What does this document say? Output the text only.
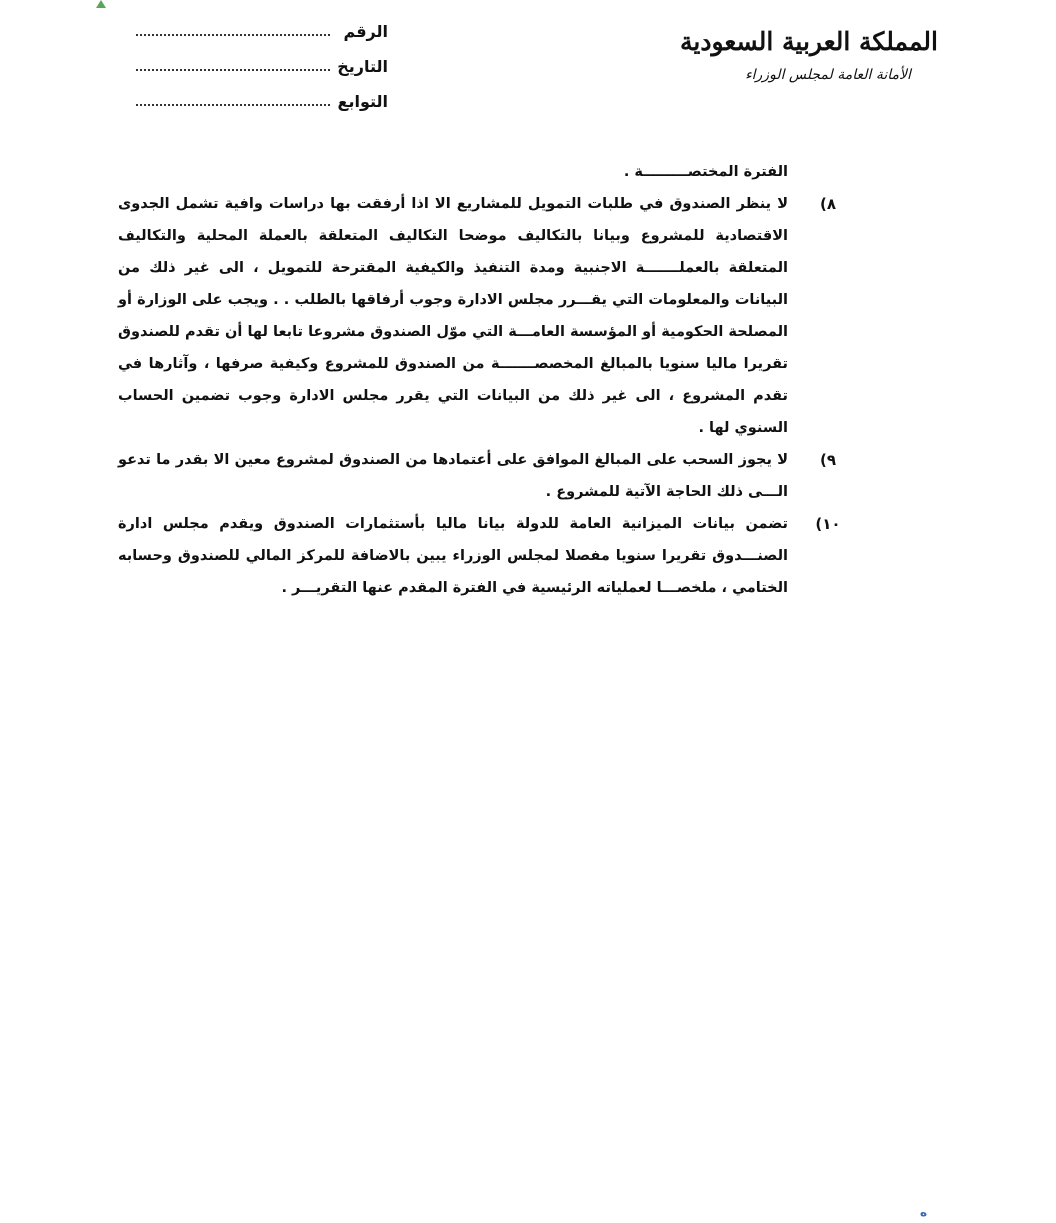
المملكة العربية السعودية
الأمانة العامة لمجلس الوزراء
الرقم
التاريخ
التوابع
الفترة المختصـــــــــة .
٨)
لا ينظر الصندوق في طلبات التمويل للمشاريع الا اذا أرفقت بها دراسات وافية تشمل الجدوى الاقتصادية للمشروع وبيانا بالتكاليف موضحا التكاليف المتعلقة بالعملة المحلية والتكاليف المتعلقة بالعملـــــــة الاجنبية ومدة التنفيذ والكيفية المقترحة للتمويل ، الى غير ذلك من البيانات والمعلومات التي يقـــرر مجلس الادارة وجوب أرفاقها بالطلب . . ويجب على الوزارة أو المصلحة الحكومية أو المؤسسة العامـــة التي موّل الصندوق مشروعا تابعا لها أن تقدم للصندوق تقريرا ماليا سنويا بالمبالغ المخصصـــــــة من الصندوق للمشروع وكيفية صرفها ، وآثارها في تقدم المشروع ، الى غير ذلك من البيانات التي يقرر مجلس الادارة وجوب تضمين الحساب السنوي لها .
٩)
لا يجوز السحب على المبالغ الموافق على أعتمادها من الصندوق لمشروع معين الا بقدر ما تدعو الـــى ذلك الحاجة الآتية للمشروع .
١٠)
تضمن بيانات الميزانية العامة للدولة بيانا ماليا بأستثمارات الصندوق ويقدم مجلس ادارة الصنـــدوق تقريرا سنويا مفصلا لمجلس الوزراء يبين بالاضافة للمركز المالي للصندوق وحسابه الختامي ، ملخصـــا لعملياته الرئيسية في الفترة المقدم عنها التقريـــر .
ه
